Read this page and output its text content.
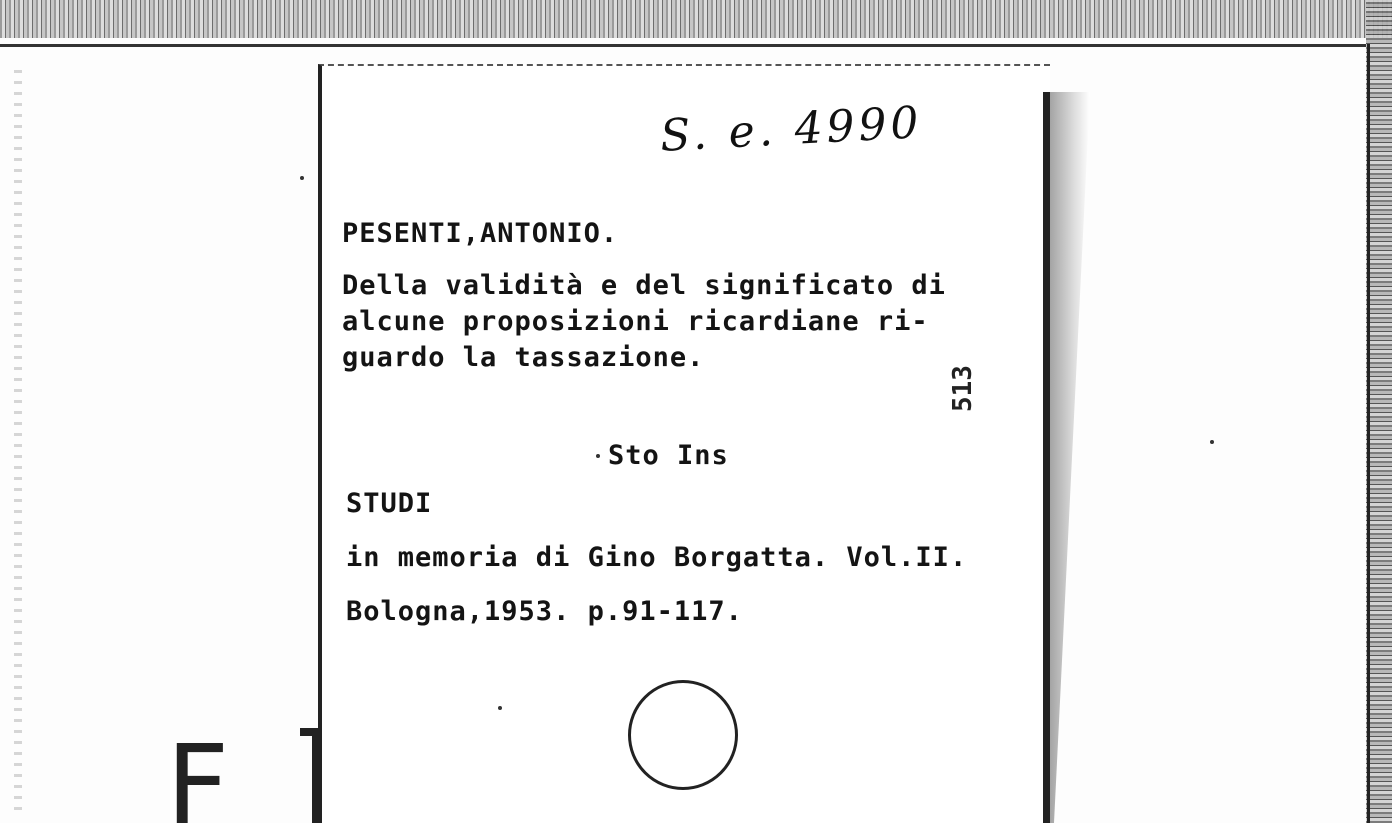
S. e. 4990
PESENTI,ANTONIO.
Della validità e del significato di
alcune proposizioni ricardiane ri-
guardo la tassazione.
513
Sto Ins
STUDI
in memoria di Gino Borgatta. Vol.II.
Bologna,1953. p.91-117.
F
